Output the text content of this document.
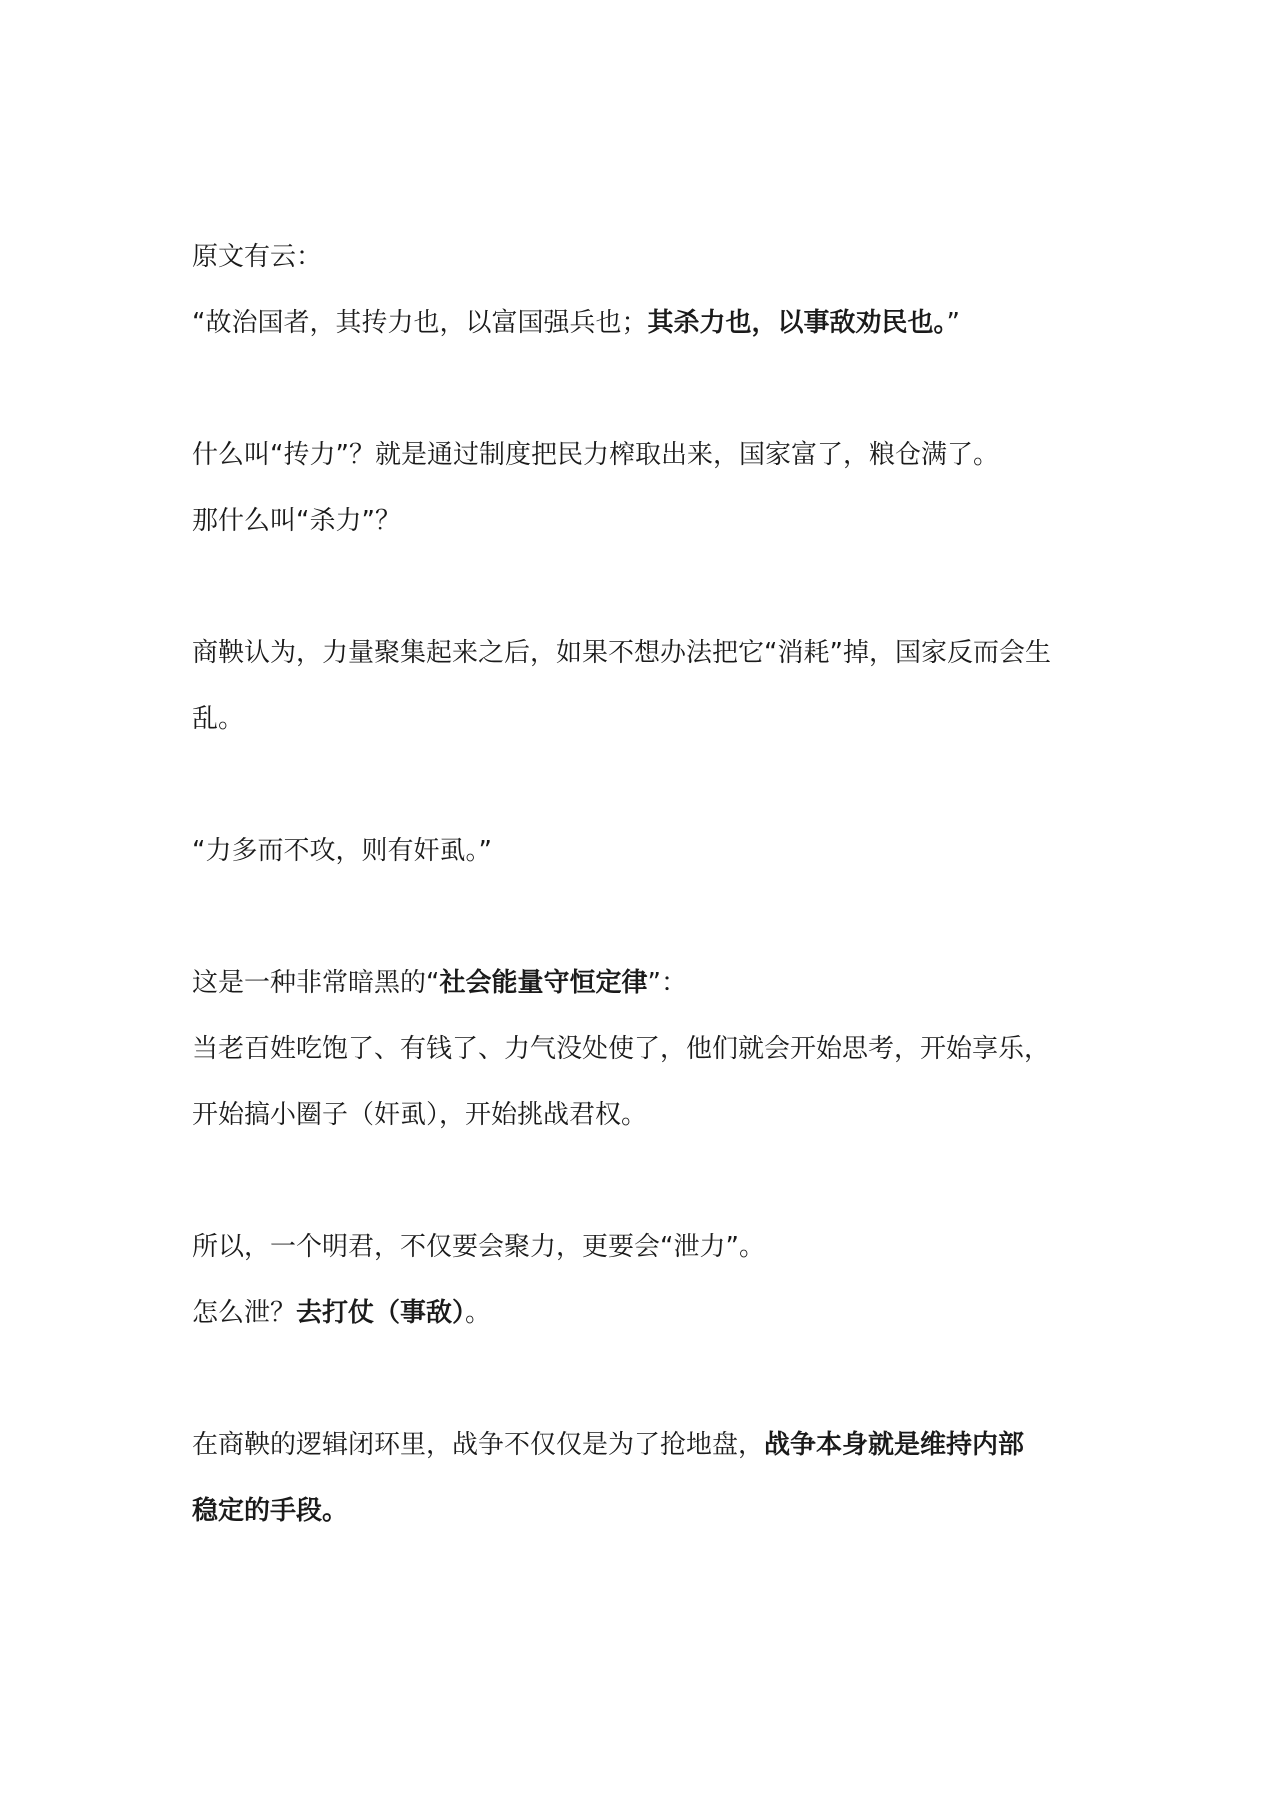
原文有云：

“故治国者，其抟力也，以富国强兵也；其杀力也，以事敌劝民也。”

什么叫“抟力”？就是通过制度把民力榨取出来，国家富了，粮仓满了。

那什么叫“杀力”？

商鞅认为，力量聚集起来之后，如果不想办法把它“消耗”掉，国家反而会生

乱。

“力多而不攻，则有奸虱。”

这是一种非常暗黑的“社会能量守恒定律”：

当老百姓吃饱了、有钱了、力气没处使了，他们就会开始思考，开始享乐，

开始搞小圈子（奸虱），开始挑战君权。

所以，一个明君，不仅要会聚力，更要会“泄力”。

怎么泄？去打仗（事敌）。

在商鞅的逻辑闭环里，战争不仅仅是为了抢地盘，战争本身就是维持内部

稳定的手段。
